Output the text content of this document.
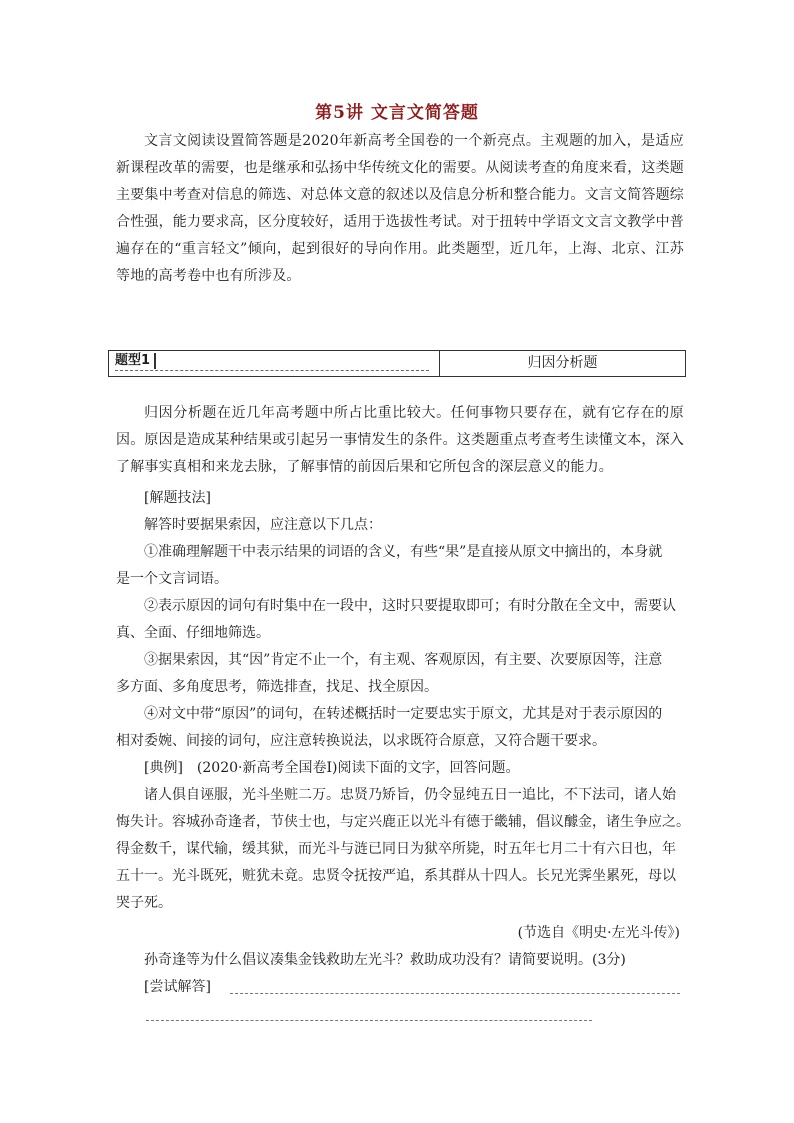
第5讲 文言文简答题

文言文阅读设置简答题是2020年新高考全国卷的一个新亮点。主观题的加入，是适应新课程改革的需要，也是继承和弘扬中华传统文化的需要。从阅读考查的角度来看，这类题主要集中考查对信息的筛选、对总体文意的叙述以及信息分析和整合能力。文言文简答题综合性强，能力要求高，区分度较好，适用于选拔性考试。对于扭转中学语文文言文教学中普遍存在的“重言轻文”倾向，起到很好的导向作用。此类题型，近几年，上海、北京、江苏等地的高考卷中也有所涉及。

题型1	归因分析题

归因分析题在近几年高考题中所占比重比较大。任何事物只要存在，就有它存在的原因。原因是造成某种结果或引起另一事情发生的条件。这类题重点考查考生读懂文本，深入了解事实真相和来龙去脉，了解事情的前因后果和它所包含的深层意义的能力。

[解题技法]
解答时要据果索因，应注意以下几点：
①准确理解题干中表示结果的词语的含义，有些“果”是直接从原文中摘出的，本身就
是一个文言词语。
②表示原因的词句有时集中在一段中，这时只要提取即可；有时分散在全文中，需要认
真、全面、仔细地筛选。
③据果索因，其“因”肯定不止一个，有主观、客观原因，有主要、次要原因等，注意
多方面、多角度思考，筛选排查，找足、找全原因。
④对文中带“原因”的词句，在转述概括时一定要忠实于原文，尤其是对于表示原因的
相对委婉、间接的词句，应注意转换说法，以求既符合原意，又符合题干要求。
[典例]　(2020·新高考全国卷Ⅰ)阅读下面的文字，回答问题。
诸人俱自诬服，光斗坐赃二万。忠贤乃矫旨，仍令显纯五日一追比，不下法司，诸人始
悔失计。容城孙奇逢者，节侠士也，与定兴鹿正以光斗有德于畿辅，倡议醵金，诸生争应之。
得金数千，谋代输，缓其狱，而光斗与涟已同日为狱卒所毙，时五年七月二十有六日也，年
五十一。光斗既死，赃犹未竟。忠贤令抚按严追，系其群从十四人。长兄光霁坐累死，母以
哭子死。
(节选自《明史·左光斗传》)
孙奇逢等为什么倡议凑集金钱救助左光斗？救助成功没有？请简要说明。(3分)
[尝试解答]
